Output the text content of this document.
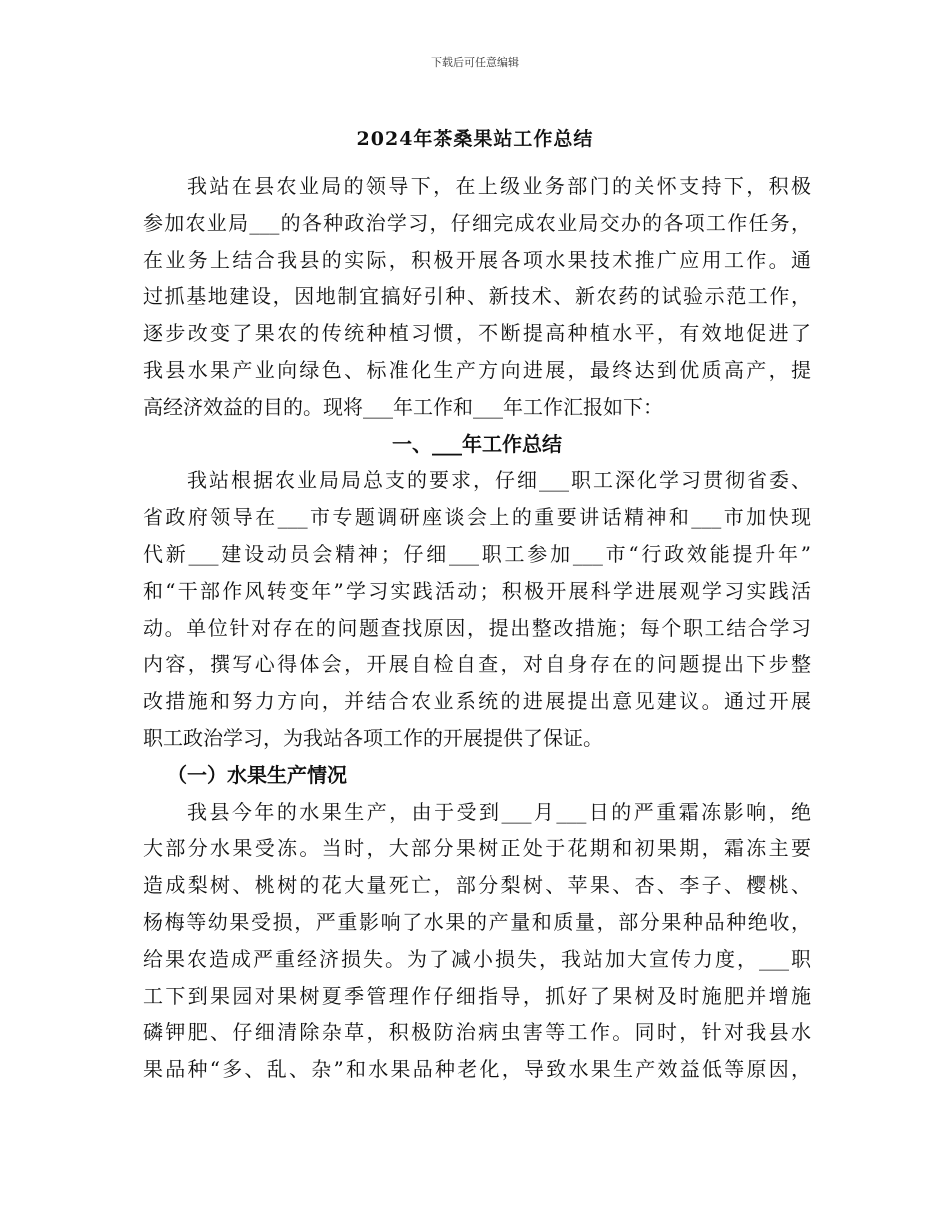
下载后可任意编辑
2024年茶桑果站工作总结
我站在县农业局的领导下，在上级业务部门的关怀支持下，积极
参加农业局___的各种政治学习，仔细完成农业局交办的各项工作任务，
在业务上结合我县的实际，积极开展各项水果技术推广应用工作。通
过抓基地建设，因地制宜搞好引种、新技术、新农药的试验示范工作，
逐步改变了果农的传统种植习惯，不断提高种植水平，有效地促进了
我县水果产业向绿色、标准化生产方向进展，最终达到优质高产，提
高经济效益的目的。现将___年工作和___年工作汇报如下：
一、___年工作总结
我站根据农业局局总支的要求，仔细___职工深化学习贯彻省委、
省政府领导在___市专题调研座谈会上的重要讲话精神和___市加快现
代新___建设动员会精神；仔细___职工参加___市“行政效能提升年”
和“干部作风转变年”学习实践活动；积极开展科学进展观学习实践活
动。单位针对存在的问题查找原因，提出整改措施；每个职工结合学习
内容，撰写心得体会，开展自检自查，对自身存在的问题提出下步整
改措施和努力方向，并结合农业系统的进展提出意见建议。通过开展
职工政治学习，为我站各项工作的开展提供了保证。
（一）水果生产情况
我县今年的水果生产，由于受到___月___日的严重霜冻影响，绝
大部分水果受冻。当时，大部分果树正处于花期和初果期，霜冻主要
造成梨树、桃树的花大量死亡，部分梨树、苹果、杏、李子、樱桃、
杨梅等幼果受损，严重影响了水果的产量和质量，部分果种品种绝收，
给果农造成严重经济损失。为了减小损失，我站加大宣传力度，___职
工下到果园对果树夏季管理作仔细指导，抓好了果树及时施肥并增施
磷钾肥、仔细清除杂草，积极防治病虫害等工作。同时，针对我县水
果品种“多、乱、杂”和水果品种老化，导致水果生产效益低等原因，
